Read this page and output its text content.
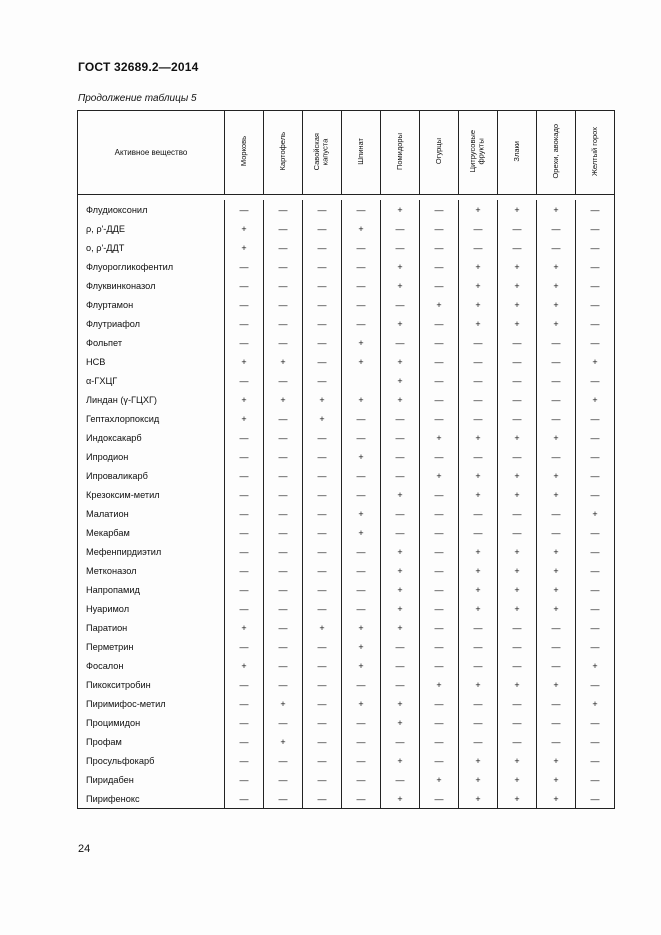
ГОСТ 32689.2—2014
Продолжение таблицы 5
Активное вещество	Морковь	Картофель	Савойская
капуста	Шпинат	Помидоры	Огурцы	Цитрусовые
фрукты	Злаки	Орехи, авокадо	Желтый горох

Флудиоксонил	—	—	—	—	+	—	+	+	+	—
ρ, ρ'-ДДЕ	+	—	—	+	—	—	—	—	—	—
о, ρ'-ДДТ	+	—	—	—	—	—	—	—	—	—
Флуорогликофентил	—	—	—	—	+	—	+	+	+	—
Флуквинконазол	—	—	—	—	+	—	+	+	+	—
Флуртамон	—	—	—	—	—	+	+	+	+	—
Флутриафол	—	—	—	—	+	—	+	+	+	—
Фольпет	—	—	—	+	—	—	—	—	—	—
НСВ	+	+	—	+	+	—	—	—	—	+
α-ГХЦГ	—	—	—		+	—	—	—	—	—
Линдан (γ-ГЦХГ)	+	+	+	+	+	—	—	—	—	+
Гептахлорпоксид	+	—	+	—	—	—	—	—	—	—
Индоксакарб	—	—	—	—	—	+	+	+	+	—
Ипродион	—	—	—	+	—	—	—	—	—	—
Ипроваликарб	—	—	—	—	—	+	+	+	+	—
Крезоксим-метил	—	—	—	—	+	—	+	+	+	—
Малатион	—	—	—	+	—	—	—	—	—	+
Мекарбам	—	—	—	+	—	—	—	—	—	—
Мефенпирдиэтил	—	—	—	—	+	—	+	+	+	—
Метконазол	—	—	—	—	+	—	+	+	+	—
Напропамид	—	—	—	—	+	—	+	+	+	—
Нуаримол	—	—	—	—	+	—	+	+	+	—
Паратион	+	—	+	+	+	—	—	—	—	—
Перметрин	—	—	—	+	—	—	—	—	—	—
Фосалон	+	—	—	+	—	—	—	—	—	+
Пикокситробин	—	—	—	—	—	+	+	+	+	—
Пиримифос-метил	—	+	—	+	+	—	—	—	—	+
Процимидон	—	—	—	—	+	—	—	—	—	—
Профам	—	+	—	—	—	—	—	—	—	—
Просульфокарб	—	—	—	—	+	—	+	+	+	—
Пиридабен	—	—	—	—	—	+	+	+	+	—
Пирифенокс	—	—	—	—	+	—	+	+	+	—
24
